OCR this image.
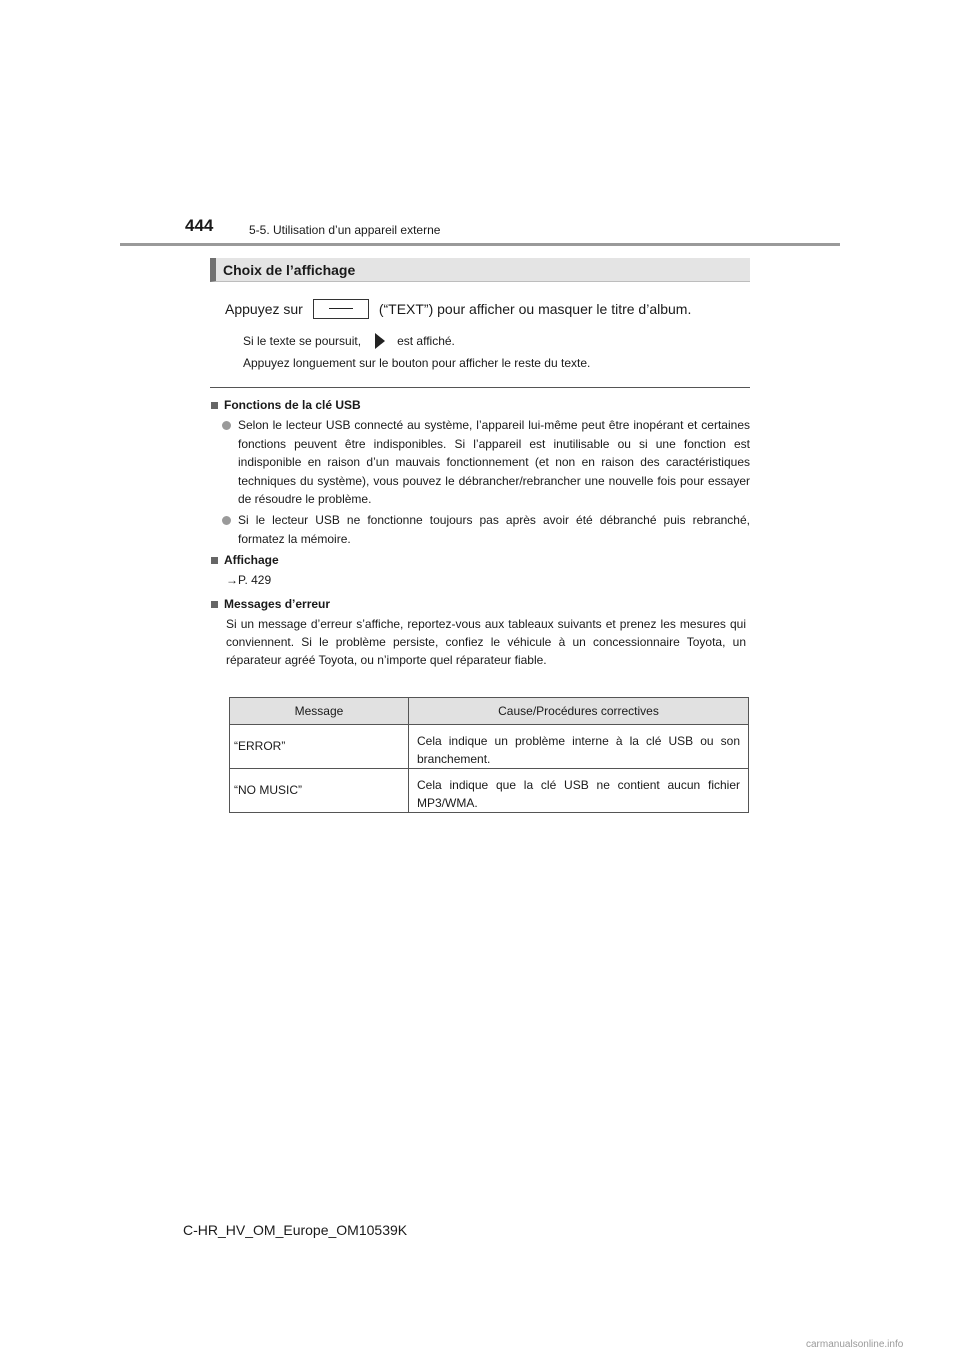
444	5-5. Utilisation d’un appareil externe
Choix de l’affichage
Appuyez sur	(“TEXT”) pour afficher ou masquer le titre d’album.
Si le texte se poursuit,	est affiché.
Appuyez longuement sur le bouton pour afficher le reste du texte.
Fonctions de la clé USB
Selon le lecteur USB connecté au système, l’appareil lui-même peut être inopérant et certaines fonctions peuvent être indisponibles. Si l’appareil est inutilisable ou si une fonction est indisponible en raison d’un mauvais fonctionnement (et non en raison des caractéristiques techniques du système), vous pouvez le débrancher/rebrancher une nouvelle fois pour essayer de résoudre le problème.
Si le lecteur USB ne fonctionne toujours pas après avoir été débranché puis rebranché, formatez la mémoire.
Affichage
→P. 429
Messages d’erreur
Si un message d’erreur s’affiche, reportez-vous aux tableaux suivants et prenez les mesures qui conviennent. Si le problème persiste, confiez le véhicule à un concessionnaire Toyota, un réparateur agréé Toyota, ou n’importe quel réparateur fiable.
Message	Cause/Procédures correctives
“ERROR”	Cela indique un problème interne à la clé USB ou son branchement.
“NO MUSIC”	Cela indique que la clé USB ne contient aucun fichier MP3/WMA.
C-HR_HV_OM_Europe_OM10539K
carmanualsonline.info
